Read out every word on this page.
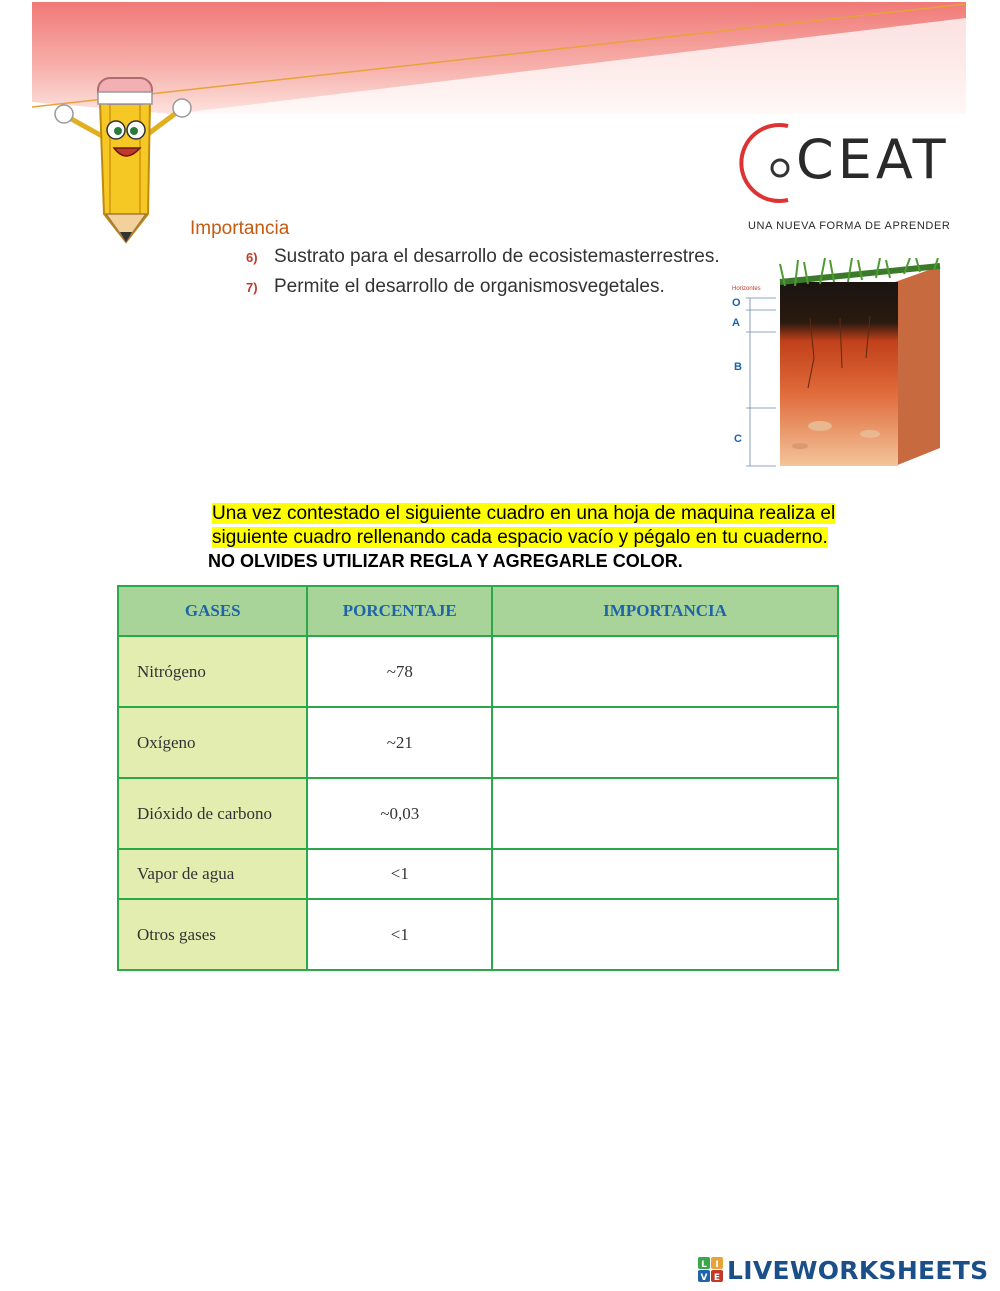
CEAT
UNA NUEVA FORMA DE APRENDER
Importancia
6) Sustrato para el desarrollo de ecosistemasterrestres.
7) Permite el desarrollo de organismosvegetales.
O
A
B
C
Horizontes
Una vez contestado el siguiente cuadro en una hoja de maquina realiza el siguiente cuadro rellenando cada espacio vacío y pégalo en tu cuaderno.
NO OLVIDES UTILIZAR REGLA Y AGREGARLE COLOR.
GASES	PORCENTAJE	IMPORTANCIA
Nitrógeno	~78	
Oxígeno	~21	
Dióxido de carbono	~0,03	
Vapor de agua	<1	
Otros gases	<1	
L I
V E LIVEWORKSHEETS
